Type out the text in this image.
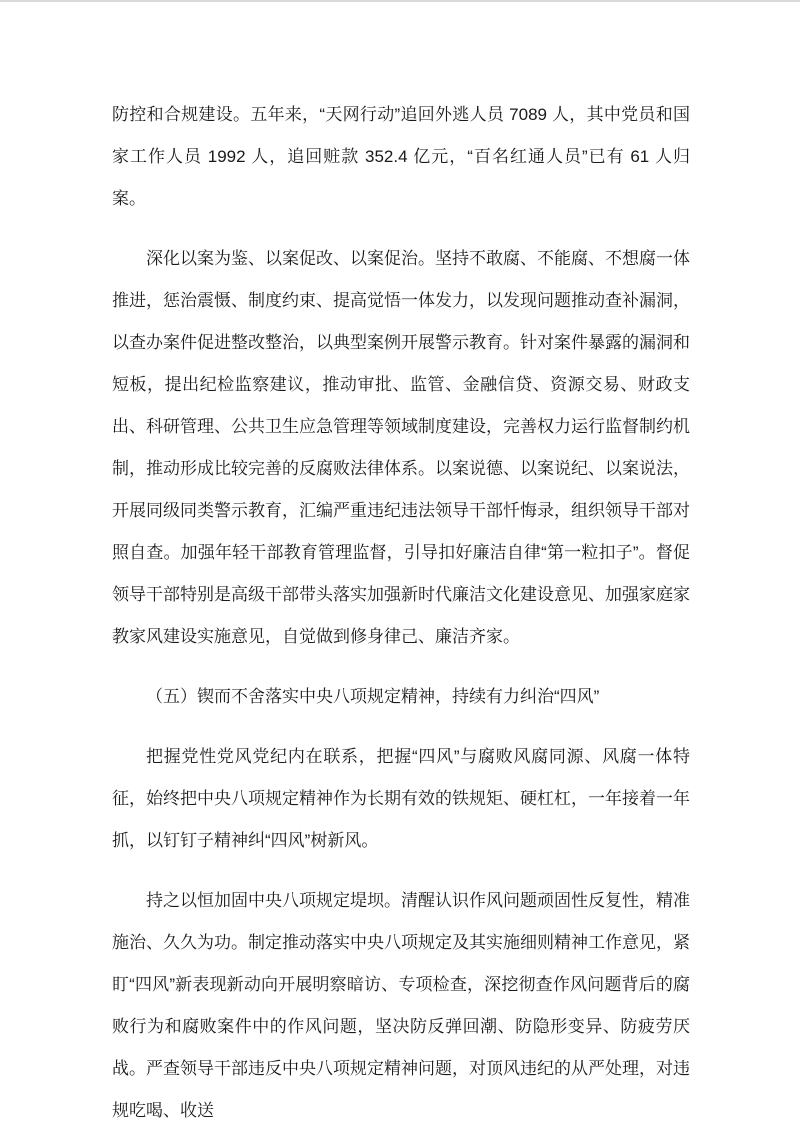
防控和合规建设。五年来，“天网行动”追回外逃人员 7089 人，其中党员和国家工作人员 1992 人，追回赃款 352.4 亿元，“百名红通人员”已有 61 人归案。

深化以案为鉴、以案促改、以案促治。坚持不敢腐、不能腐、不想腐一体推进，惩治震慑、制度约束、提高觉悟一体发力，以发现问题推动查补漏洞，以查办案件促进整改整治，以典型案例开展警示教育。针对案件暴露的漏洞和短板，提出纪检监察建议，推动审批、监管、金融信贷、资源交易、财政支出、科研管理、公共卫生应急管理等领域制度建设，完善权力运行监督制约机制，推动形成比较完善的反腐败法律体系。以案说德、以案说纪、以案说法，开展同级同类警示教育，汇编严重违纪违法领导干部忏悔录，组织领导干部对照自查。加强年轻干部教育管理监督，引导扣好廉洁自律“第一粒扣子”。督促领导干部特别是高级干部带头落实加强新时代廉洁文化建设意见、加强家庭家教家风建设实施意见，自觉做到修身律己、廉洁齐家。

（五）锲而不舍落实中央八项规定精神，持续有力纠治“四风”

把握党性党风党纪内在联系，把握“四风”与腐败风腐同源、风腐一体特征，始终把中央八项规定精神作为长期有效的铁规矩、硬杠杠，一年接着一年抓，以钉钉子精神纠“四风”树新风。

持之以恒加固中央八项规定堤坝。清醒认识作风问题顽固性反复性，精准施治、久久为功。制定推动落实中央八项规定及其实施细则精神工作意见，紧盯“四风”新表现新动向开展明察暗访、专项检查，深挖彻查作风问题背后的腐败行为和腐败案件中的作风问题，坚决防反弹回潮、防隐形变异、防疲劳厌战。严查领导干部违反中央八项规定精神问题，对顶风违纪的从严处理，对违规吃喝、收送
